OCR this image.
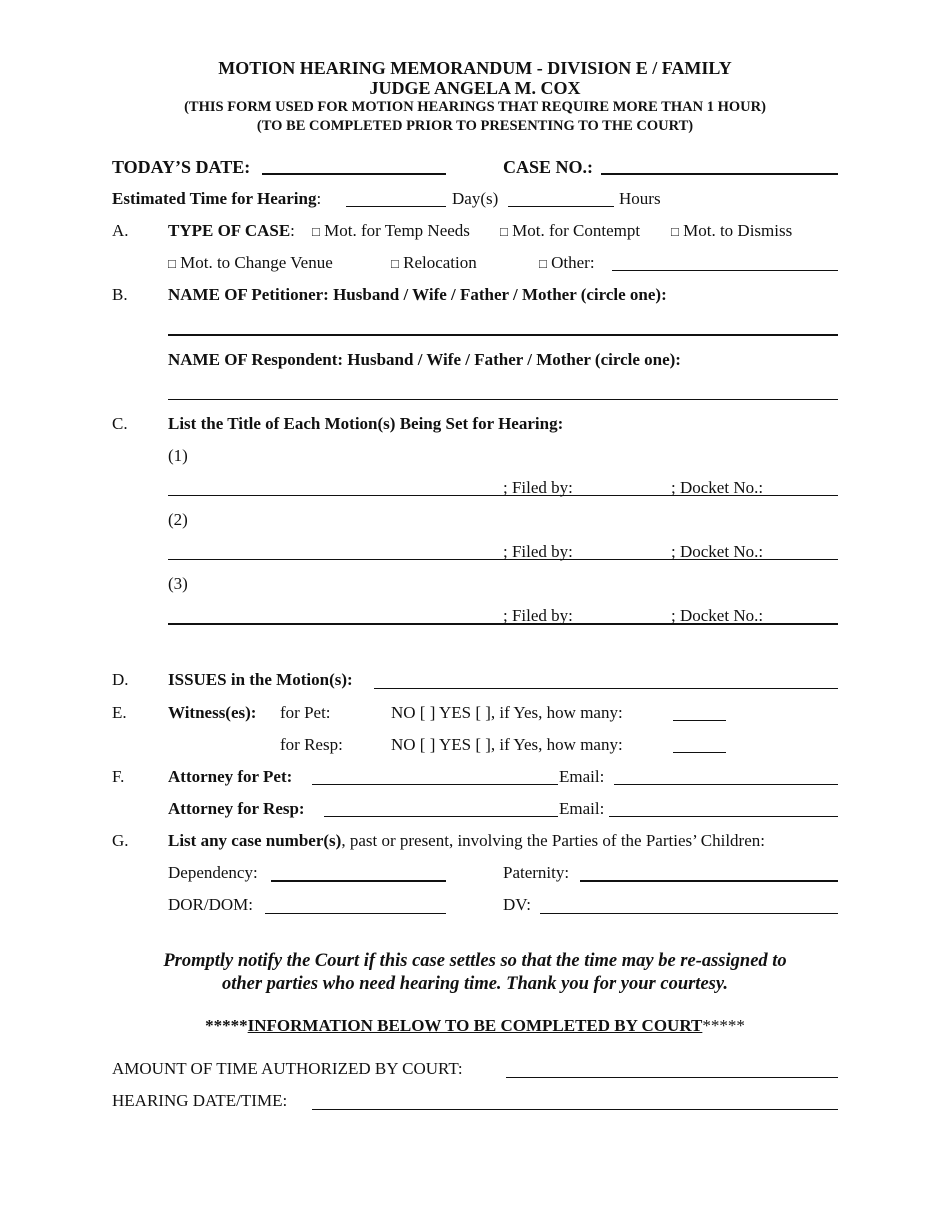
MOTION HEARING MEMORANDUM - DIVISION E / FAMILY
JUDGE ANGELA M. COX
(THIS FORM USED FOR MOTION HEARINGS THAT REQUIRE MORE THAN 1 HOUR)
(TO BE COMPLETED PRIOR TO PRESENTING TO THE COURT)
TODAY’S DATE:	CASE NO.:
Estimated Time for Hearing:	Day(s)	Hours
A. TYPE OF CASE: □ Mot. for Temp Needs □ Mot. for Contempt □ Mot. to Dismiss
□ Mot. to Change Venue	□ Relocation	□ Other:
B. NAME OF Petitioner: Husband / Wife / Father / Mother (circle one):
NAME OF Respondent: Husband / Wife / Father / Mother (circle one):
C. List the Title of Each Motion(s) Being Set for Hearing:
(1)
; Filed by:	; Docket No.:
(2)
; Filed by:	; Docket No.:
(3)
; Filed by:	; Docket No.:
D. ISSUES in the Motion(s):
E. Witness(es): for Pet:	NO [ ] YES [ ], if Yes, how many:
for Resp:	NO [ ] YES [ ], if Yes, how many:
F.	Attorney for Pet:	Email:
Attorney for Resp:	Email:
G. List any case number(s), past or present, involving the Parties of the Parties’ Children:
Dependency:	Paternity:
DOR/DOM:	DV:
Promptly notify the Court if this case settles so that the time may be re-assigned to
other parties who need hearing time. Thank you for your courtesy.
*****INFORMATION BELOW TO BE COMPLETED BY COURT*****
AMOUNT OF TIME AUTHORIZED BY COURT:
HEARING DATE/TIME:
